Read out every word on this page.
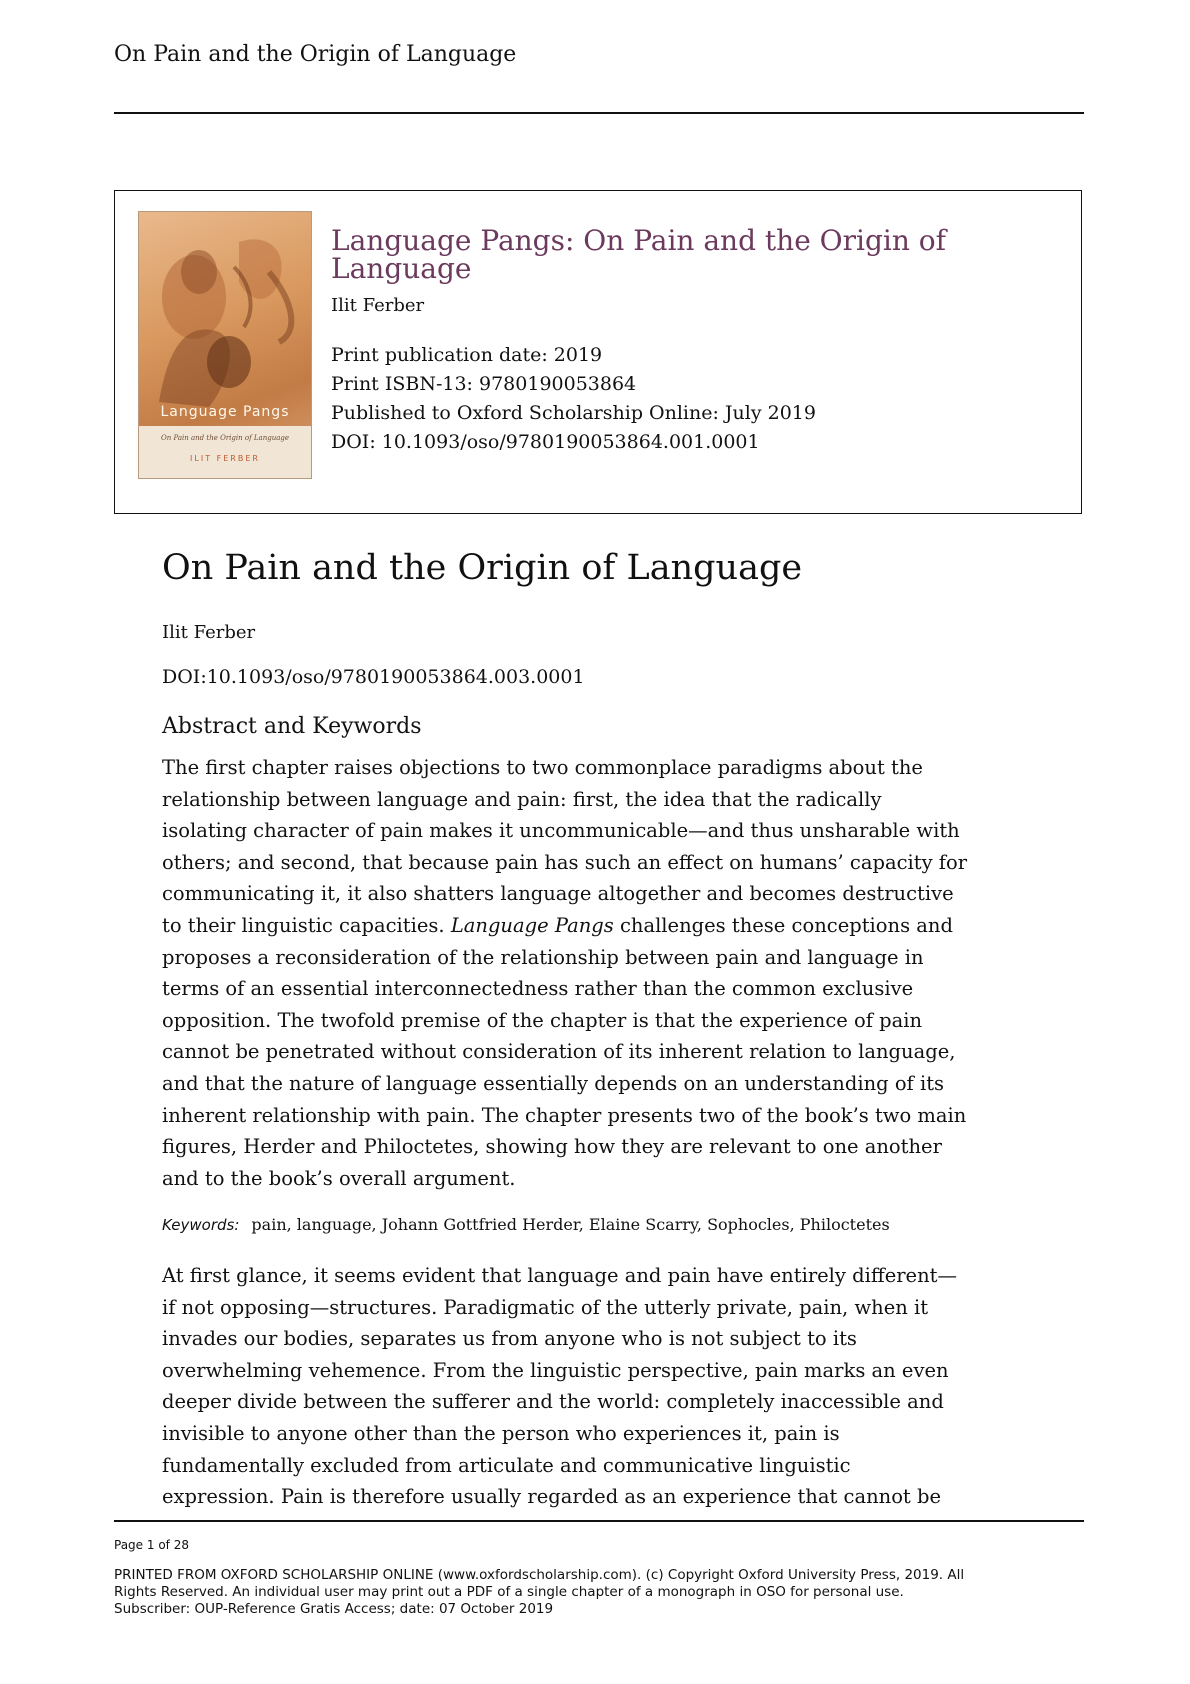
On Pain and the Origin of Language
Language Pangs
On Pain and the Origin of Language
ILIT FERBER
Language Pangs: On Pain and the Origin of
Language
Ilit Ferber
Print publication date: 2019
Print ISBN-13: 9780190053864
Published to Oxford Scholarship Online: July 2019
DOI: 10.1093/oso/9780190053864.001.0001
On Pain and the Origin of Language
Ilit Ferber
DOI:10.1093/oso/9780190053864.003.0001
Abstract and Keywords
The first chapter raises objections to two commonplace paradigms about the
relationship between language and pain: first, the idea that the radically
isolating character of pain makes it uncommunicable—and thus unsharable with
others; and second, that because pain has such an effect on humans’ capacity for
communicating it, it also shatters language altogether and becomes destructive
to their linguistic capacities. Language Pangs challenges these conceptions and
proposes a reconsideration of the relationship between pain and language in
terms of an essential interconnectedness rather than the common exclusive
opposition. The twofold premise of the chapter is that the experience of pain
cannot be penetrated without consideration of its inherent relation to language,
and that the nature of language essentially depends on an understanding of its
inherent relationship with pain. The chapter presents two of the book’s two main
figures, Herder and Philoctetes, showing how they are relevant to one another
and to the book’s overall argument.
Keywords: pain, language, Johann Gottfried Herder, Elaine Scarry, Sophocles, Philoctetes
At first glance, it seems evident that language and pain have entirely different—
if not opposing—structures. Paradigmatic of the utterly private, pain, when it
invades our bodies, separates us from anyone who is not subject to its
overwhelming vehemence. From the linguistic perspective, pain marks an even
deeper divide between the sufferer and the world: completely inaccessible and
invisible to anyone other than the person who experiences it, pain is
fundamentally excluded from articulate and communicative linguistic
expression. Pain is therefore usually regarded as an experience that cannot be
Page 1 of 28
PRINTED FROM OXFORD SCHOLARSHIP ONLINE (www.oxfordscholarship.com). (c) Copyright Oxford University Press, 2019. All
Rights Reserved. An individual user may print out a PDF of a single chapter of a monograph in OSO for personal use.
Subscriber: OUP-Reference Gratis Access; date: 07 October 2019
